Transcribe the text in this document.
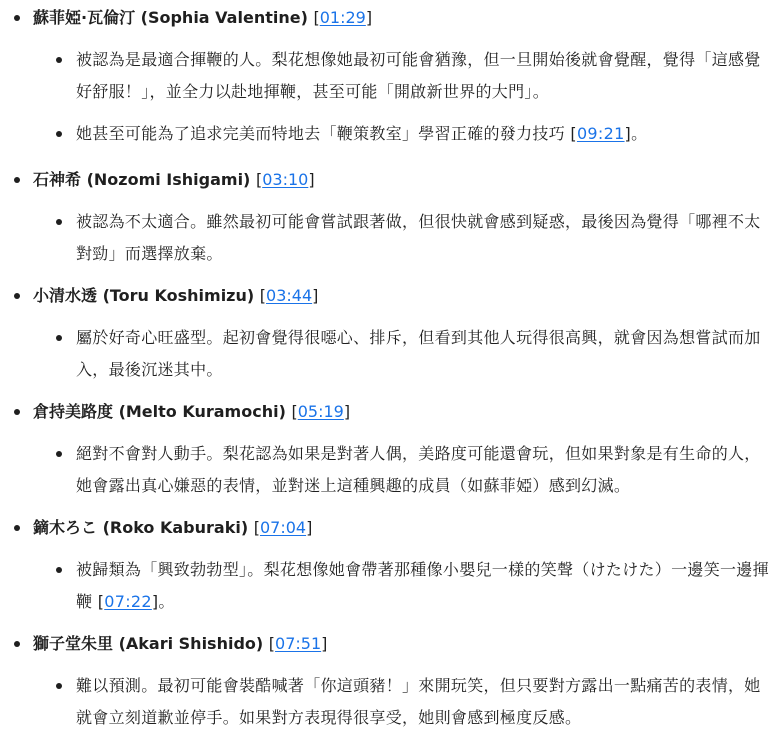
蘇菲婭·瓦倫汀 (Sophia Valentine) [01:29]
被認為是最適合揮鞭的人。梨花想像她最初可能會猶豫，但一旦開始後就會覺醒，覺得「這感覺好舒服！」，並全力以赴地揮鞭，甚至可能「開啟新世界的大門」。
她甚至可能為了追求完美而特地去「鞭策教室」學習正確的發力技巧 [09:21]。
石神希 (Nozomi Ishigami) [03:10]
被認為不太適合。雖然最初可能會嘗試跟著做，但很快就會感到疑惑，最後因為覺得「哪裡不太對勁」而選擇放棄。
小清水透 (Toru Koshimizu) [03:44]
屬於好奇心旺盛型。起初會覺得很噁心、排斥，但看到其他人玩得很高興，就會因為想嘗試而加入，最後沉迷其中。
倉持美路度 (Melto Kuramochi) [05:19]
絕對不會對人動手。梨花認為如果是對著人偶，美路度可能還會玩，但如果對象是有生命的人，她會露出真心嫌惡的表情，並對迷上這種興趣的成員（如蘇菲婭）感到幻滅。
鏑木ろこ (Roko Kaburaki) [07:04]
被歸類為「興致勃勃型」。梨花想像她會帶著那種像小嬰兒一樣的笑聲（けたけた）一邊笑一邊揮鞭 [07:22]。
獅子堂朱里 (Akari Shishido) [07:51]
難以預測。最初可能會裝酷喊著「你這頭豬！」來開玩笑，但只要對方露出一點痛苦的表情，她就會立刻道歉並停手。如果對方表現得很享受，她則會感到極度反感。
